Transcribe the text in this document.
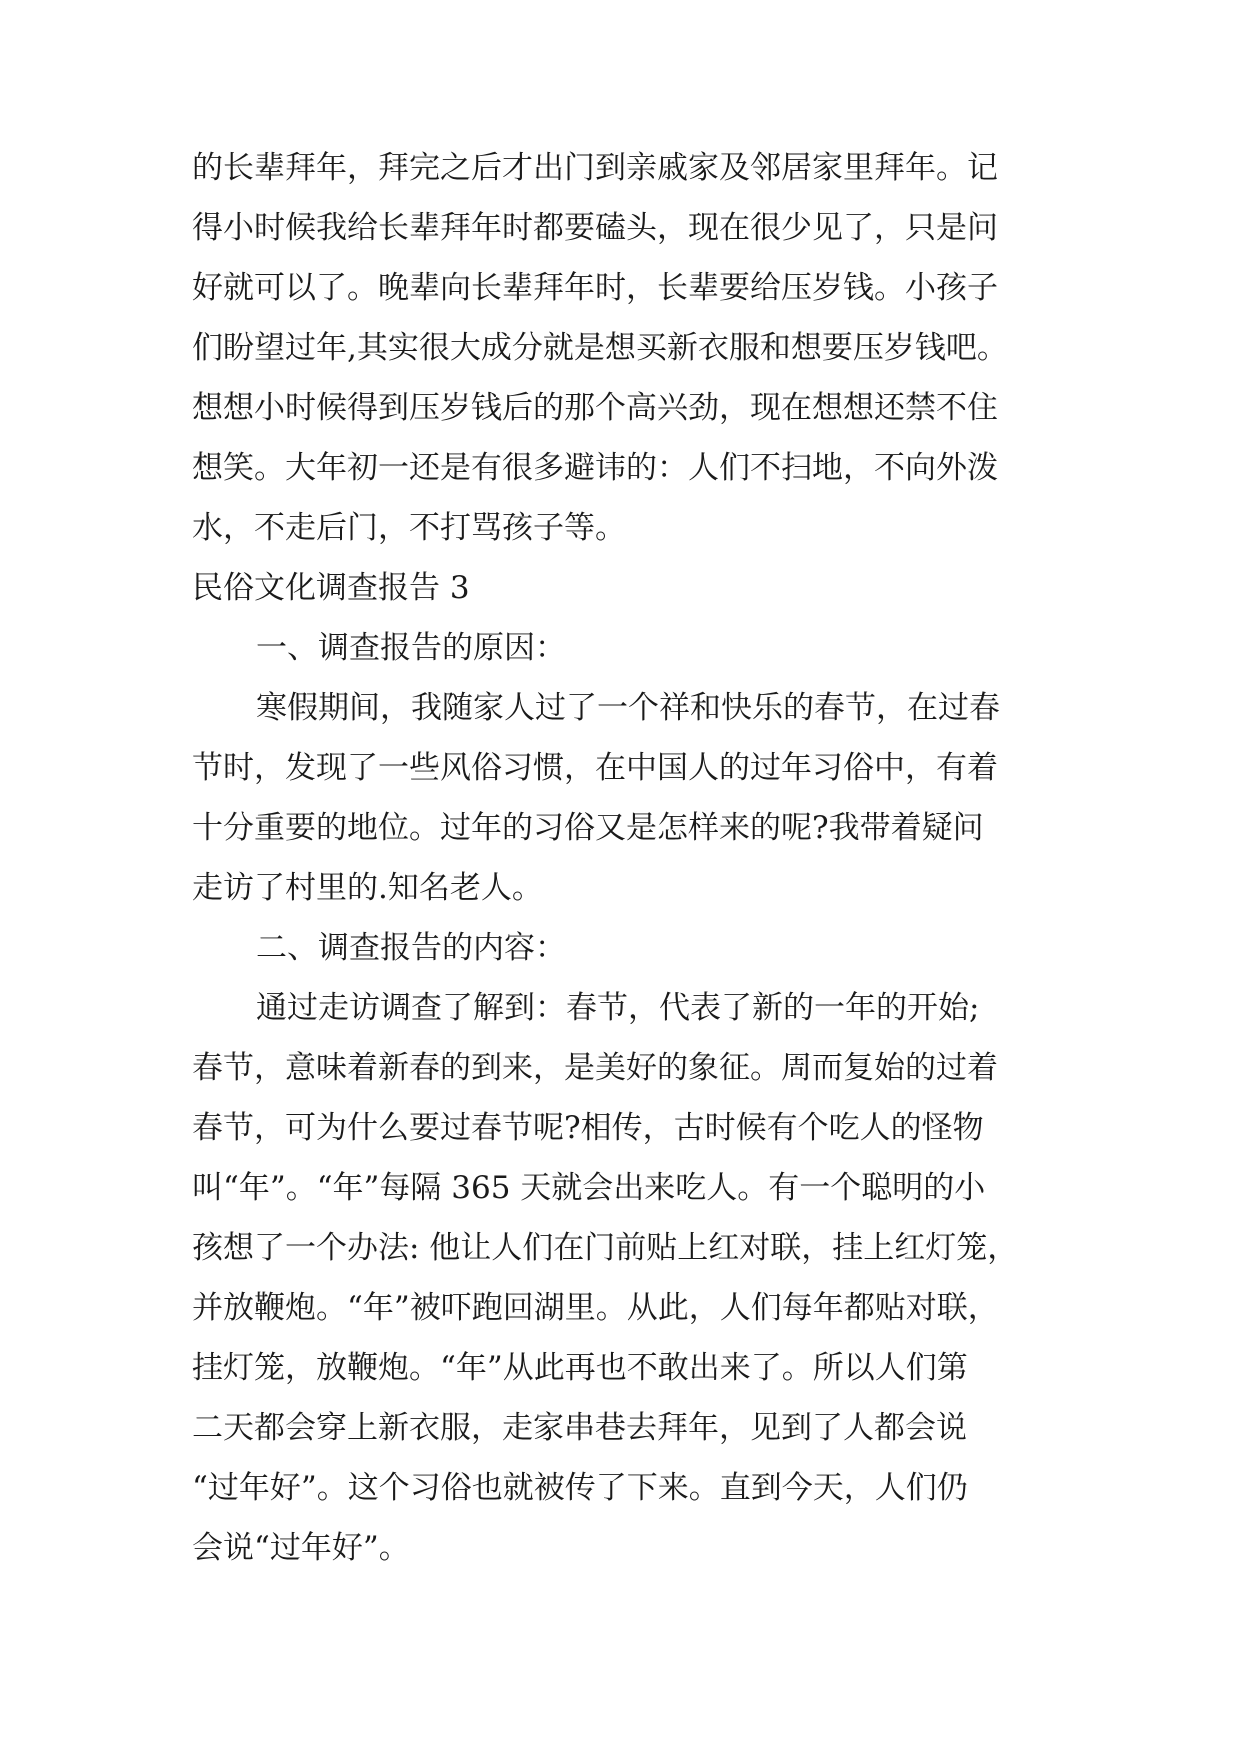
的长辈拜年，拜完之后才出门到亲戚家及邻居家里拜年。记
得小时候我给长辈拜年时都要磕头，现在很少见了，只是问
好就可以了。晚辈向长辈拜年时，长辈要给压岁钱。小孩子
们盼望过年,其实很大成分就是想买新衣服和想要压岁钱吧。
想想小时候得到压岁钱后的那个高兴劲，现在想想还禁不住
想笑。大年初一还是有很多避讳的：人们不扫地，不向外泼
水，不走后门，不打骂孩子等。
民俗文化调查报告 3
一、调查报告的原因：
寒假期间，我随家人过了一个祥和快乐的春节，在过春
节时，发现了一些风俗习惯，在中国人的过年习俗中，有着
十分重要的地位。过年的习俗又是怎样来的呢?我带着疑问
走访了村里的.知名老人。
二、调查报告的内容：
通过走访调查了解到：春节，代表了新的一年的开始;
春节，意味着新春的到来，是美好的象征。周而复始的过着
春节，可为什么要过春节呢?相传，古时候有个吃人的怪物
叫“年”。“年”每隔 365 天就会出来吃人。有一个聪明的小
孩想了一个办法: 他让人们在门前贴上红对联，挂上红灯笼，
并放鞭炮。“年”被吓跑回湖里。从此，人们每年都贴对联，
挂灯笼，放鞭炮。“年”从此再也不敢出来了。所以人们第
二天都会穿上新衣服，走家串巷去拜年，见到了人都会说
“过年好”。这个习俗也就被传了下来。直到今天，人们仍
会说“过年好”。
